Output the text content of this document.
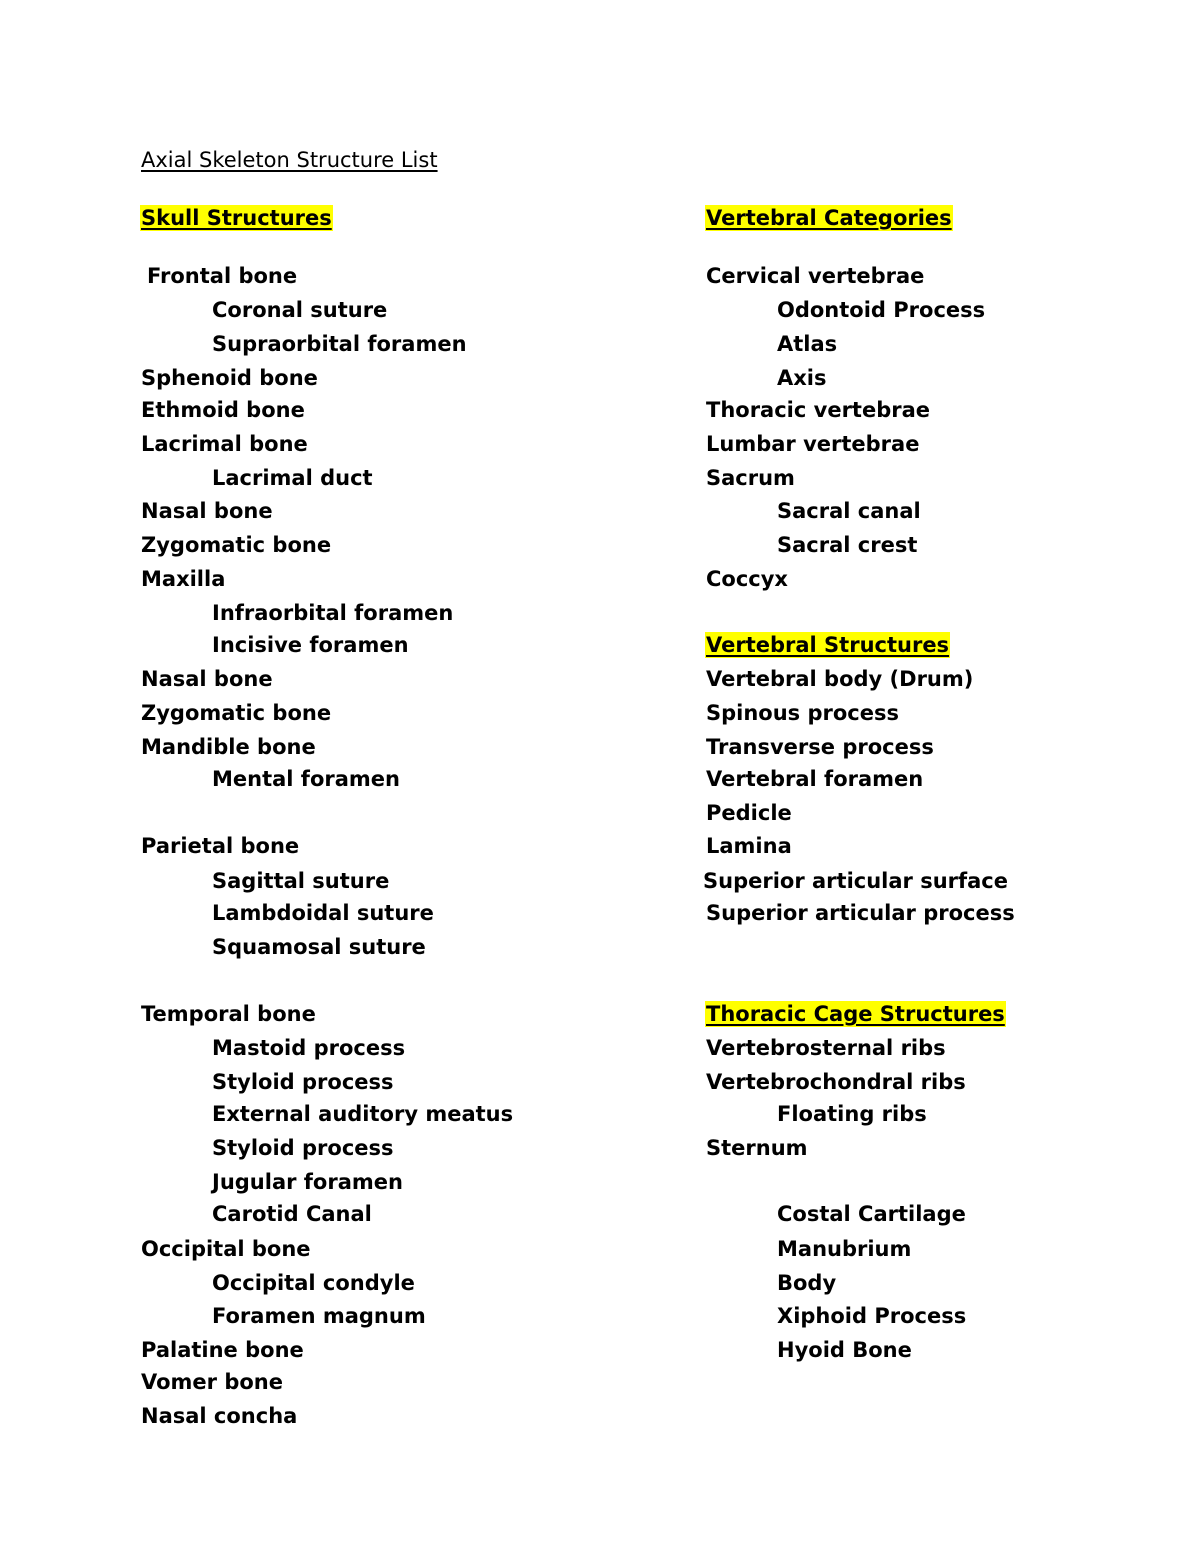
Axial Skeleton Structure List
Skull Structures
Frontal bone
Coronal suture
Supraorbital foramen
Sphenoid bone
Ethmoid bone
Lacrimal bone
Lacrimal duct
Nasal bone
Zygomatic bone
Maxilla
Infraorbital foramen
Incisive foramen
Nasal bone
Zygomatic bone
Mandible bone
Mental foramen
Parietal bone
Sagittal suture
Lambdoidal suture
Squamosal suture
Temporal bone
Mastoid process
Styloid process
External auditory meatus
Styloid process
Jugular foramen
Carotid Canal
Occipital bone
Occipital condyle
Foramen magnum
Palatine bone
Vomer bone
Nasal concha
Vertebral Categories
Cervical vertebrae
Odontoid Process
Atlas
Axis
Thoracic vertebrae
Lumbar vertebrae
Sacrum
Sacral canal
Sacral crest
Coccyx
Vertebral Structures
Vertebral body (Drum)
Spinous process
Transverse process
Vertebral foramen
Pedicle
Lamina
Superior articular surface
Superior articular process
Thoracic Cage Structures
Vertebrosternal ribs
Vertebrochondral ribs
Floating ribs
Sternum
Costal Cartilage
Manubrium
Body
Xiphoid Process
Hyoid Bone
